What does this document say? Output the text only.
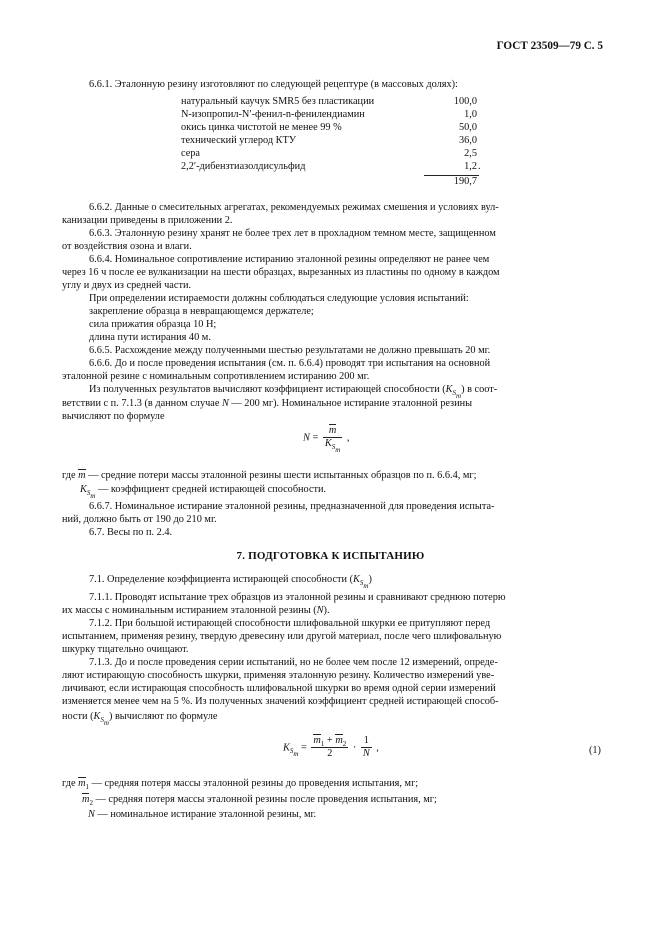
ГОСТ 23509—79 С. 5
6.6.1. Эталонную резину изготовляют по следующей рецептуре (в массовых долях):
натуральный каучук SMR5 без пластикации	100,0
N-изопропил-N′-фенил-n-фенилендиамин	1,0
окись цинка чистотой не менее 99 %	50,0
технический углерод КТУ	36,0
сера	2,5
2,2′-дибензтиазолдисульфид	1,2 .
190,7
6.6.2. Данные о смесительных агрегатах, рекомендуемых режимах смешения и условиях вул-
канизации приведены в приложении 2.
6.6.3. Эталонную резину хранят не более трех лет в прохладном темном месте, защищенном
от воздействия озона и влаги.
6.6.4. Номинальное сопротивление истиранию эталонной резины определяют не ранее чем
через 16 ч после ее вулканизации на шести образцах, вырезанных из пластины по одному в каждом
углу и двух из средней части.
При определении истираемости должны соблюдаться следующие условия испытаний:
закрепление образца в невращающемся держателе;
сила прижатия образца 10 Н;
длина пути истирания 40 м.
6.6.5. Расхождение между полученными шестью результатами не должно превышать 20 мг.
6.6.6. До и после проведения испытания (см. п. 6.6.4) проводят три испытания на основной
эталонной резине с номинальным сопротивлением истиранию 200 мг.
Из полученных результатов вычисляют коэффициент истирающей способности $(K_{S_m})$ в соот-
ветствии с п. 7.1.3 (в данном случае N — 200 мг). Номинальное истирание эталонной резины
вычисляют по формуле
$N = \frac{m}{K_{S_m}}$ ,
где m — средние потери массы эталонной резины шести испытанных образцов по п. 6.6.4, мг;
$K_{S_m}$ — коэффициент средней истирающей способности.
6.6.7. Номинальное истирание эталонной резины, предназначенной для проведения испыта-
ний, должно быть от 190 до 210 мг.
6.7. Весы по п. 2.4.
7. ПОДГОТОВКА К ИСПЫТАНИЮ
7.1. Определение коэффициента истирающей способности $(K_{S_m})$
7.1.1. Проводят испытание трех образцов из эталонной резины и сравнивают среднюю потерю
их массы с номинальным истиранием эталонной резины (N).
7.1.2. При большой истирающей способности шлифовальной шкурки ее притупляют перед
испытанием, применяя резину, твердую древесину или другой материал, после чего шлифовальную
шкурку тщательно очищают.
7.1.3. До и после проведения серии испытаний, но не более чем после 12 измерений, опреде-
ляют истирающую способность шкурки, применяя эталонную резину. Количество измерений уве-
личивают, если истирающая способность шлифовальной шкурки во время одной серии измерений
изменяется менее чем на 5 %. Из полученных значений коэффициент средней истирающей способ-
ности $(K_{S_m})$ вычисляют по формуле
$K_{S_m} = \frac{m_1 + m_2}{2} \cdot \frac{1}{N}$ ,	(1)
где $m_1$ — средняя потеря массы эталонной резины до проведения испытания, мг;
$m_2$ — средняя потеря массы эталонной резины после проведения испытания, мг;
N — номинальное истирание эталонной резины, мг.
